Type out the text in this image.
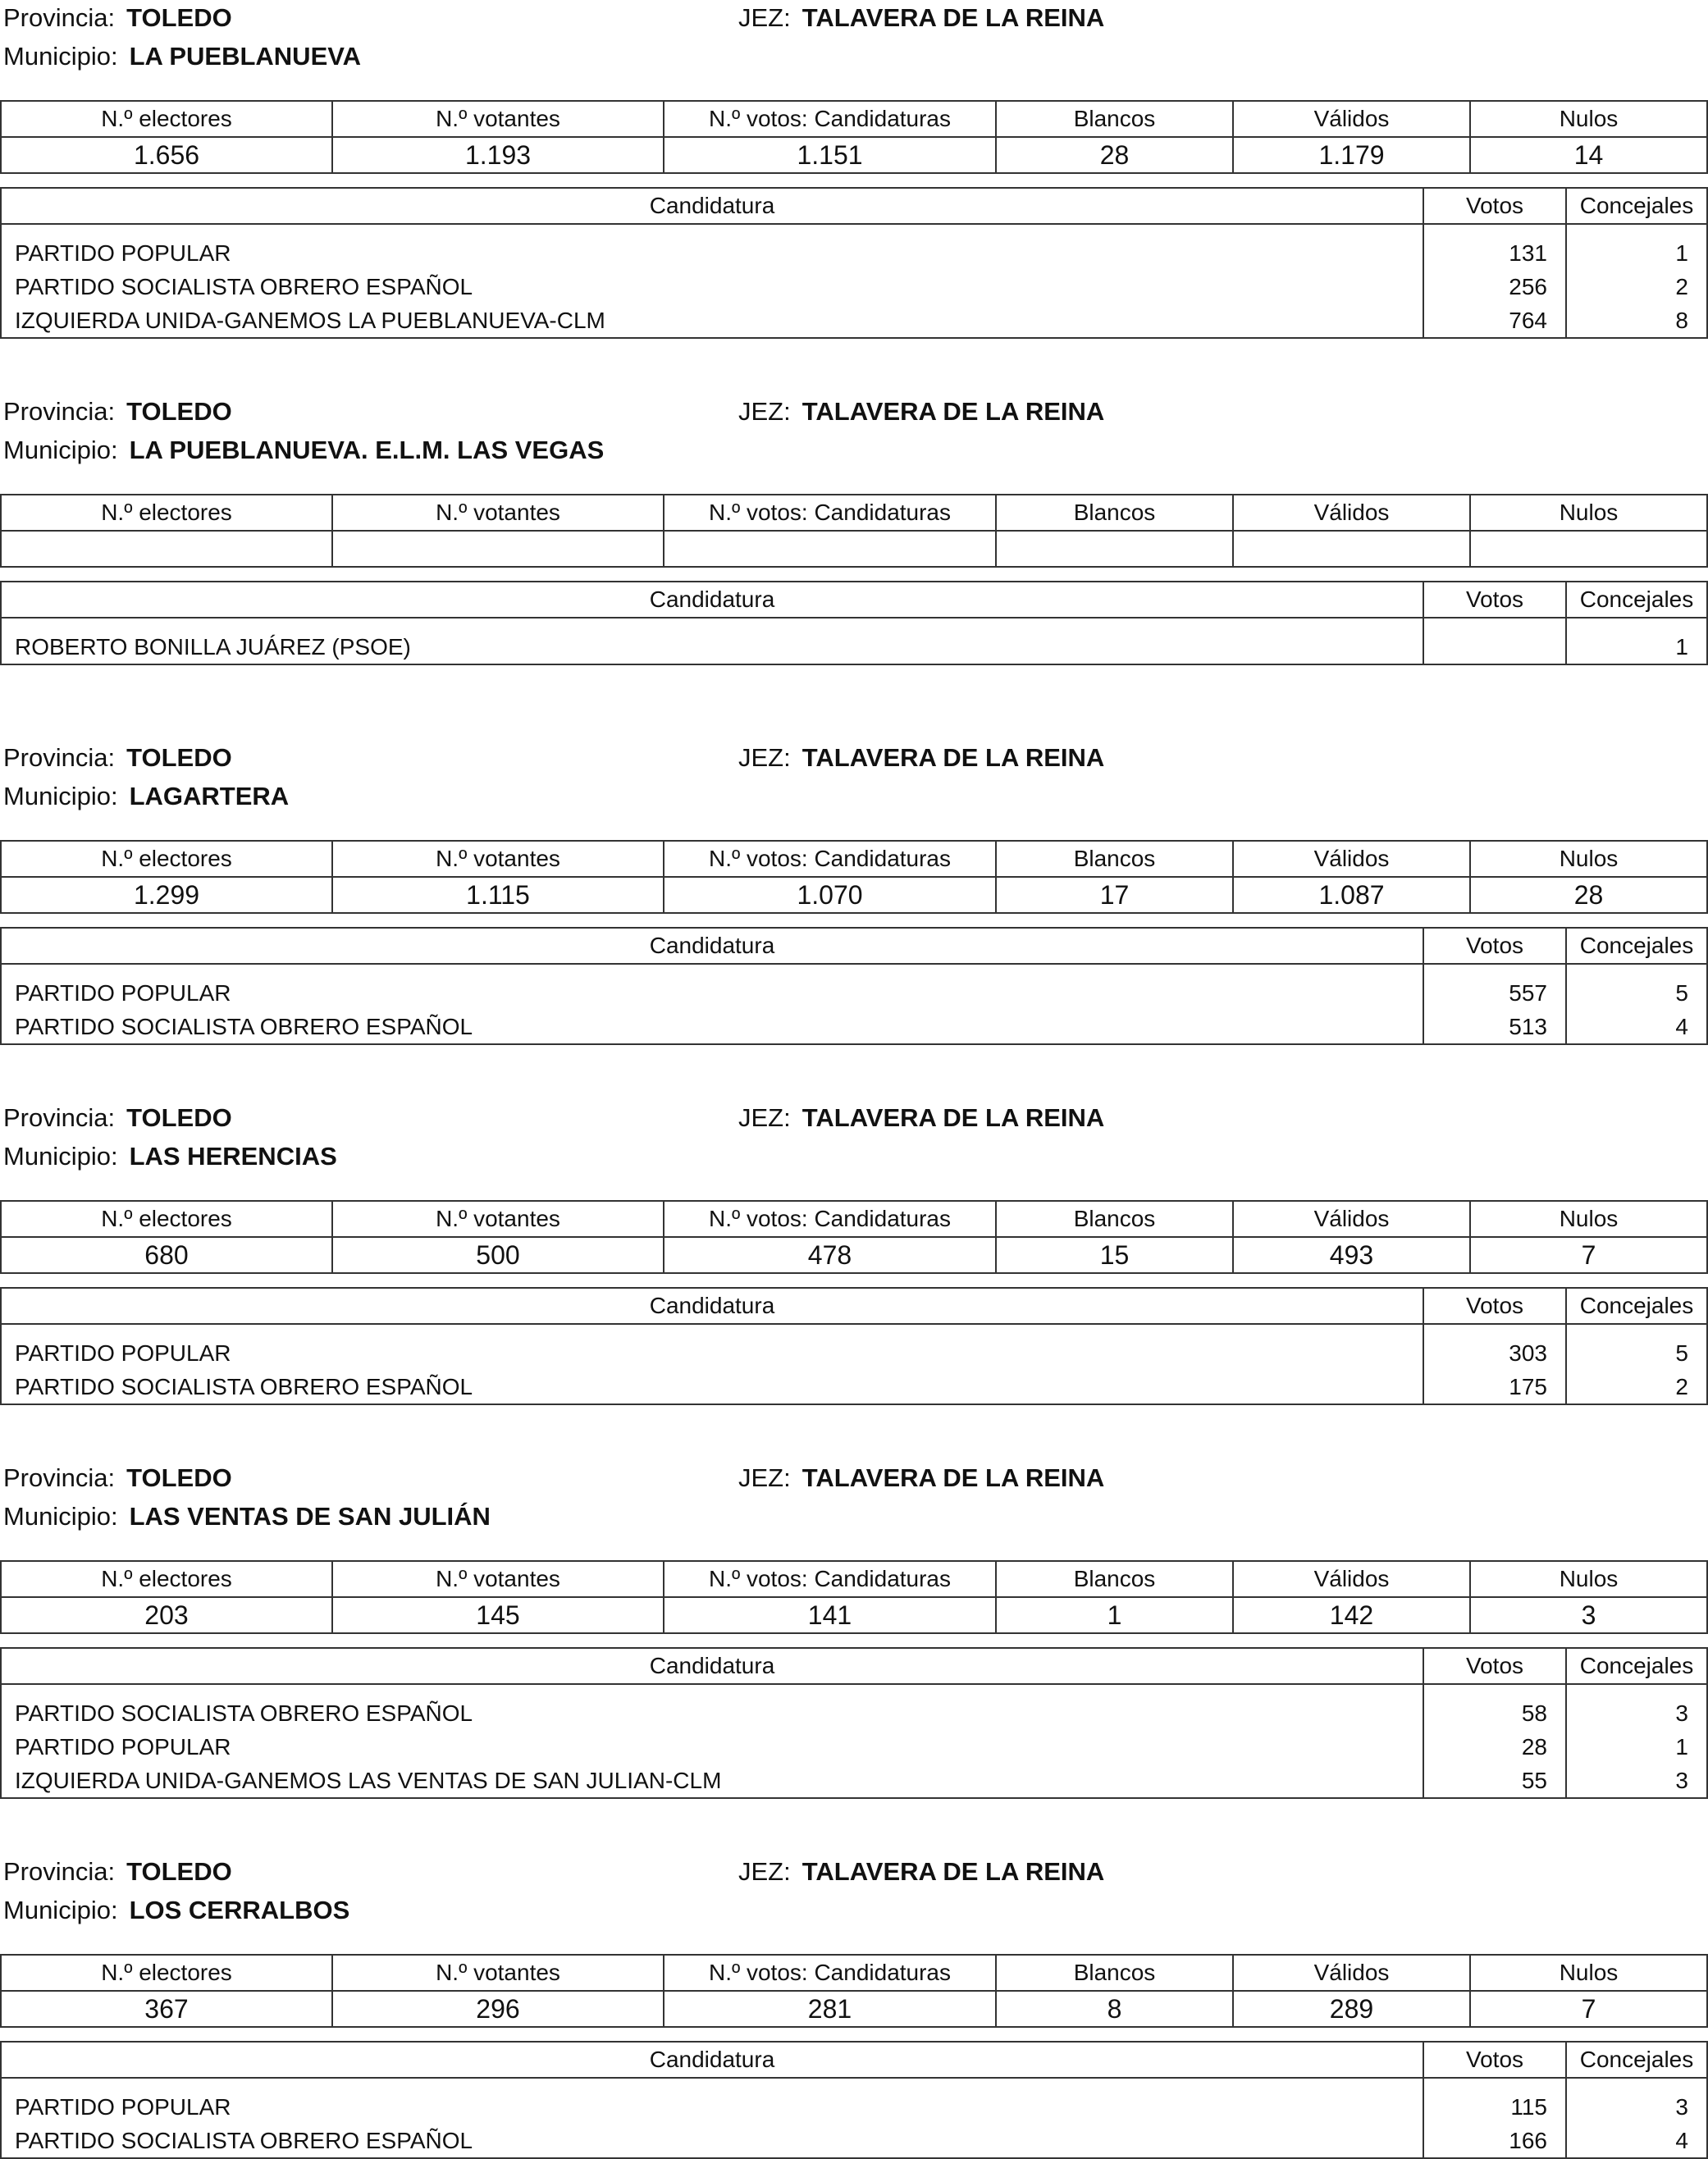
Provincia: TOLEDO	JEZ: TALAVERA DE LA REINA
Municipio: LA PUEBLANUEVA
N.º electores	N.º votantes	N.º votos: Candidaturas	Blancos	Válidos	Nulos
1.656	1.193	1.151	28	1.179	14
Candidatura	Votos	Concejales
PARTIDO POPULAR	131	1
PARTIDO SOCIALISTA OBRERO ESPAÑOL	256	2
IZQUIERDA UNIDA-GANEMOS LA PUEBLANUEVA-CLM	764	8
Provincia: TOLEDO	JEZ: TALAVERA DE LA REINA
Municipio: LA PUEBLANUEVA. E.L.M. LAS VEGAS
N.º electores	N.º votantes	N.º votos: Candidaturas	Blancos	Válidos	Nulos

Candidatura	Votos	Concejales
ROBERTO BONILLA JUÁREZ (PSOE)		1
Provincia: TOLEDO	JEZ: TALAVERA DE LA REINA
Municipio: LAGARTERA
N.º electores	N.º votantes	N.º votos: Candidaturas	Blancos	Válidos	Nulos
1.299	1.115	1.070	17	1.087	28
Candidatura	Votos	Concejales
PARTIDO POPULAR	557	5
PARTIDO SOCIALISTA OBRERO ESPAÑOL	513	4
Provincia: TOLEDO	JEZ: TALAVERA DE LA REINA
Municipio: LAS HERENCIAS
N.º electores	N.º votantes	N.º votos: Candidaturas	Blancos	Válidos	Nulos
680	500	478	15	493	7
Candidatura	Votos	Concejales
PARTIDO POPULAR	303	5
PARTIDO SOCIALISTA OBRERO ESPAÑOL	175	2
Provincia: TOLEDO	JEZ: TALAVERA DE LA REINA
Municipio: LAS VENTAS DE SAN JULIÁN
N.º electores	N.º votantes	N.º votos: Candidaturas	Blancos	Válidos	Nulos
203	145	141	1	142	3
Candidatura	Votos	Concejales
PARTIDO SOCIALISTA OBRERO ESPAÑOL	58	3
PARTIDO POPULAR	28	1
IZQUIERDA UNIDA-GANEMOS LAS VENTAS DE SAN JULIAN-CLM	55	3
Provincia: TOLEDO	JEZ: TALAVERA DE LA REINA
Municipio: LOS CERRALBOS
N.º electores	N.º votantes	N.º votos: Candidaturas	Blancos	Válidos	Nulos
367	296	281	8	289	7
Candidatura	Votos	Concejales
PARTIDO POPULAR	115	3
PARTIDO SOCIALISTA OBRERO ESPAÑOL	166	4
